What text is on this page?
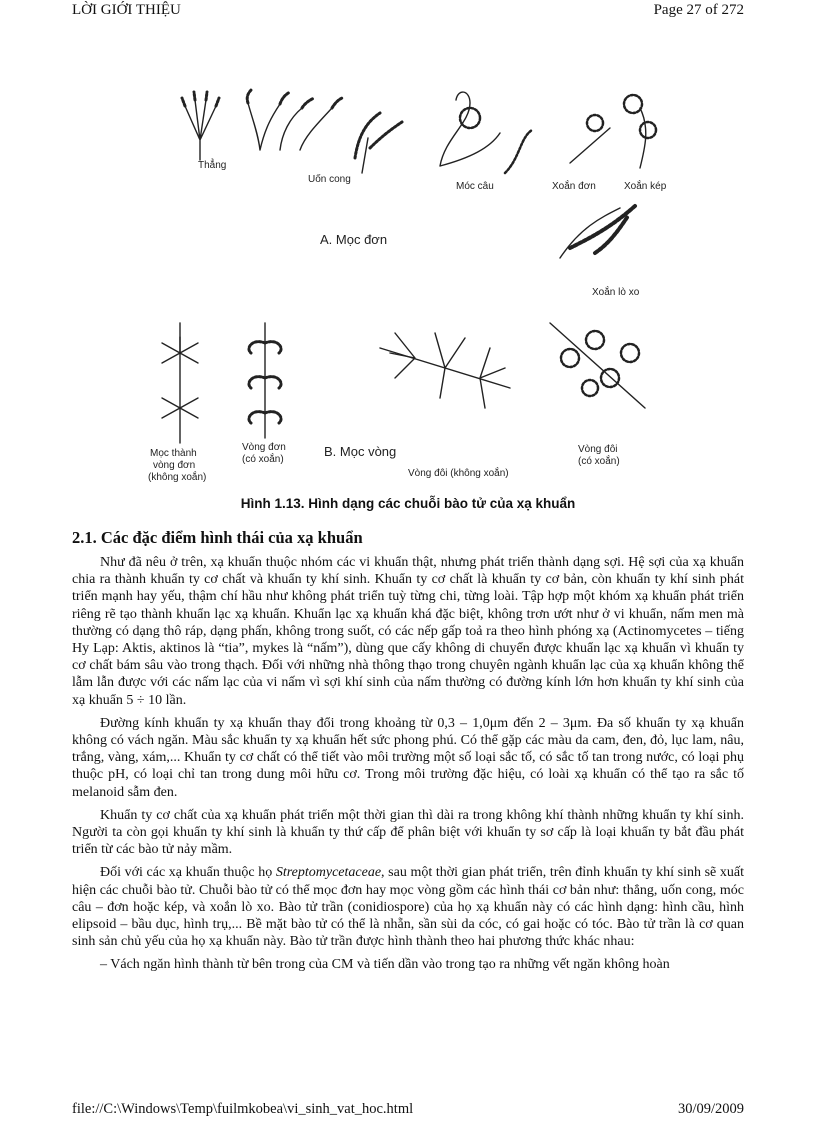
LỜI GIỚI THIỆU	Page 27 of 272
Thẳng
Uốn cong
Móc câu	Xoắn đơn	Xoắn kép
A. Mọc đơn
Xoắn lò xo
Mọc thành
vòng đơn
(không xoắn)
Vòng đơn
(có xoắn)
B. Mọc vòng
Vòng đôi (không xoắn)
Vòng đôi
(có xoắn)
Hình 1.13. Hình dạng các chuỗi bào tử của xạ khuẩn
2.1. Các đặc điểm hình thái của xạ khuẩn

Như đã nêu ở trên, xạ khuẩn thuộc nhóm các vi khuẩn thật, nhưng phát triển thành dạng sợi. Hệ sợi của xạ khuẩn chia ra thành khuẩn ty cơ chất và khuẩn ty khí sinh. Khuẩn ty cơ chất là khuẩn ty cơ bản, còn khuẩn ty khí sinh phát triển mạnh hay yếu, thậm chí hầu như không phát triển tuỳ từng chi, từng loài. Tập hợp một khóm xạ khuẩn phát triển riêng rẽ tạo thành khuẩn lạc xạ khuẩn. Khuẩn lạc xạ khuẩn khá đặc biệt, không trơn ướt như ở vi khuẩn, nấm men mà thường có dạng thô ráp, dạng phấn, không trong suốt, có các nếp gấp toả ra theo hình phóng xạ (Actinomycetes – tiếng Hy Lạp: Aktis, aktinos là “tia”, mykes là “nấm”), dùng que cấy không di chuyển được khuẩn lạc xạ khuẩn vì khuẩn ty cơ chất bám sâu vào trong thạch. Đối với những nhà thông thạo trong chuyên ngành khuẩn lạc của xạ khuẩn không thể lẫm lẫn được với các nấm lạc của vi nấm vì sợi khí sinh của nấm thường có đường kính lớn hơn khuẩn ty khí sinh của xạ khuẩn 5 ÷ 10 lần.

Đường kính khuẩn ty xạ khuẩn thay đổi trong khoảng từ 0,3 – 1,0μm đến 2 – 3μm. Đa số khuẩn ty xạ khuẩn không có vách ngăn. Màu sắc khuẩn ty xạ khuẩn hết sức phong phú. Có thể gặp các màu da cam, đen, đỏ, lục lam, nâu, trắng, vàng, xám,... Khuẩn ty cơ chất có thể tiết vào môi trường một số loại sắc tố, có sắc tố tan trong nước, có loại phụ thuộc pH, có loại chỉ tan trong dung môi hữu cơ. Trong môi trường đặc hiệu, có loài xạ khuẩn có thể tạo ra sắc tố melanoid sẫm đen.

Khuẩn ty cơ chất của xạ khuẩn phát triển một thời gian thì dài ra trong không khí thành những khuẩn ty khí sinh. Người ta còn gọi khuẩn ty khí sinh là khuẩn ty thứ cấp để phân biệt với khuẩn ty sơ cấp là loại khuẩn ty bắt đầu phát triển từ các bào tử nảy mầm.

Đối với các xạ khuẩn thuộc họ Streptomycetaceae, sau một thời gian phát triển, trên đỉnh khuẩn ty khí sinh sẽ xuất hiện các chuỗi bào tử. Chuỗi bào tử có thể mọc đơn hay mọc vòng gồm các hình thái cơ bản như: thẳng, uốn cong, móc câu – đơn hoặc kép, và xoắn lò xo. Bào tử trần (conidiospore) của họ xạ khuẩn này có các hình dạng: hình cầu, hình elipsoid – bầu dục, hình trụ,... Bề mặt bào tử có thể là nhẵn, sần sùi da cóc, có gai hoặc có tóc. Bào tử trần là cơ quan sinh sản chủ yếu của họ xạ khuẩn này. Bào tử trần được hình thành theo hai phương thức khác nhau:

– Vách ngăn hình thành từ bên trong của CM và tiến dần vào trong tạo ra những vết ngăn không hoàn

file://C:\Windows\Temp\fuilmkobea\vi_sinh_vat_hoc.html	30/09/2009
